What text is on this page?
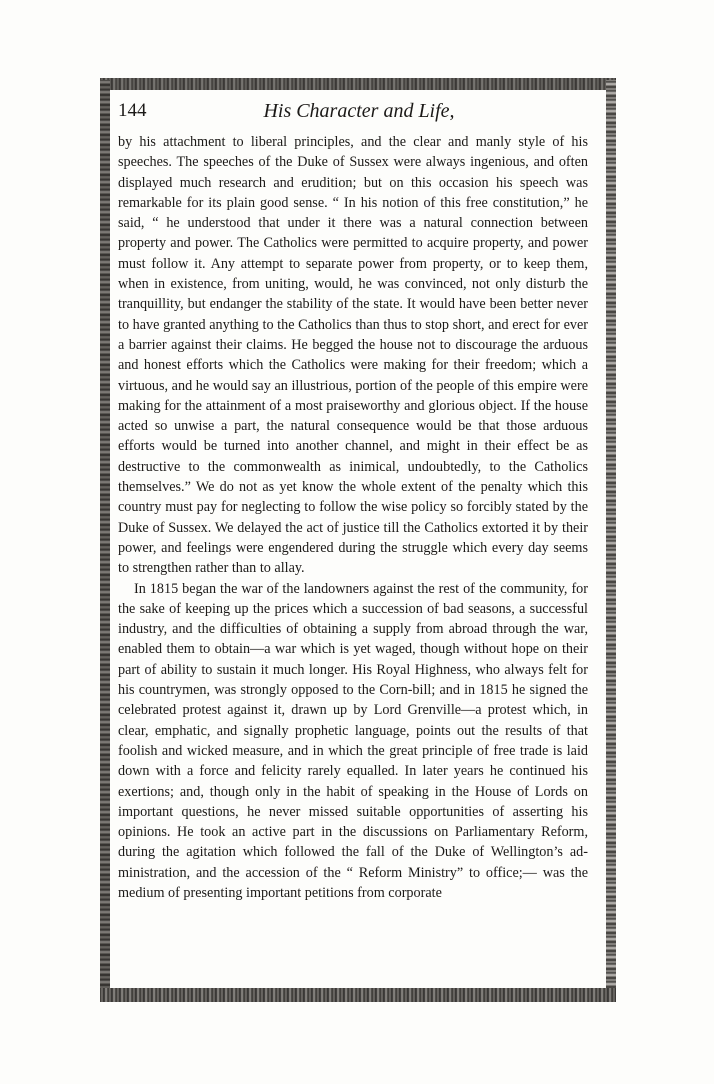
144	His Character and Life,

by his attachment to liberal principles, and the clear and manly style of his speeches. The speeches of the Duke of Sussex were always ingenious, and often displayed much research and erudition; but on this occasion his speech was remarkable for its plain good sense. “ In his notion of this free constitution,” he said, “ he understood that under it there was a natural connection between property and power. The Catholics were permitted to acquire property, and power must follow it. Any attempt to separate power from property, or to keep them, when in existence, from uniting, would, he was convinced, not only disturb the tranquillity, but endanger the stability of the state. It would have been better never to have granted anything to the Catholics than thus to stop short, and erect for ever a barrier against their claims. He begged the house not to discourage the arduous and honest efforts which the Catholics were making for their freedom; which a virtuous, and he would say an illustrious, portion of the people of this empire were making for the attainment of a most praiseworthy and glorious object. If the house acted so unwise a part, the natural consequence would be that those arduous efforts would be turned into another channel, and might in their effect be as destructive to the commonwealth as inimical, undoubtedly, to the Catholics themselves.” We do not as yet know the whole extent of the penalty which this country must pay for neglecting to follow the wise policy so forcibly stated by the Duke of Sussex. We delayed the act of justice till the Catholics extorted it by their power, and feelings were engendered during the struggle which every day seems to strengthen rather than to allay.

In 1815 began the war of the landowners against the rest of the community, for the sake of keeping up the prices which a succession of bad seasons, a successful industry, and the difficulties of obtaining a supply from abroad through the war, enabled them to obtain—a war which is yet waged, though without hope on their part of ability to sustain it much longer. His Royal Highness, who always felt for his countrymen, was strongly opposed to the Corn-bill; and in 1815 he signed the celebrated protest against it, drawn up by Lord Grenville—a protest which, in clear, emphatic, and signally prophetic language, points out the results of that foolish and wicked measure, and in which the great principle of free trade is laid down with a force and felicity rarely equalled. In later years he continued his exertions; and, though only in the habit of speaking in the House of Lords on important questions, he never missed suitable opportunities of asserting his opinions. He took an active part in the discussions on Parliamentary Reform, during the agitation which followed the fall of the Duke of Wellington’s administration, and the accession of the “ Reform Ministry” to office;— was the medium of presenting important petitions from corporate
